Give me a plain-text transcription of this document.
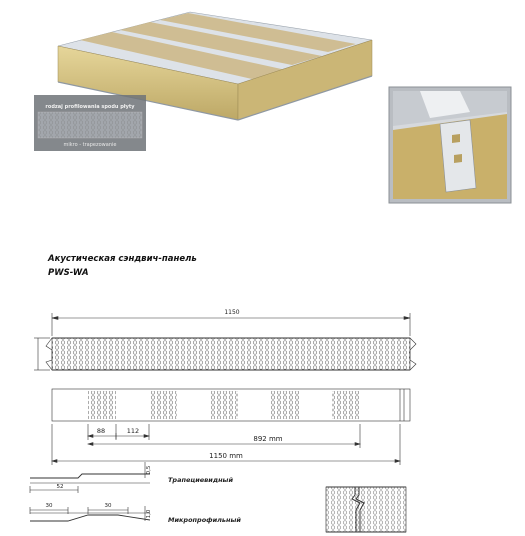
rodzaj profilowania spodu płyty
mikro - trapezowanie
1150
88	112
892 mm
1150 mm
52
0,5
Трапециевидный
30	30
1,0
Микропрофильный
Акустическая сэндвич-панель
PWS-WA
